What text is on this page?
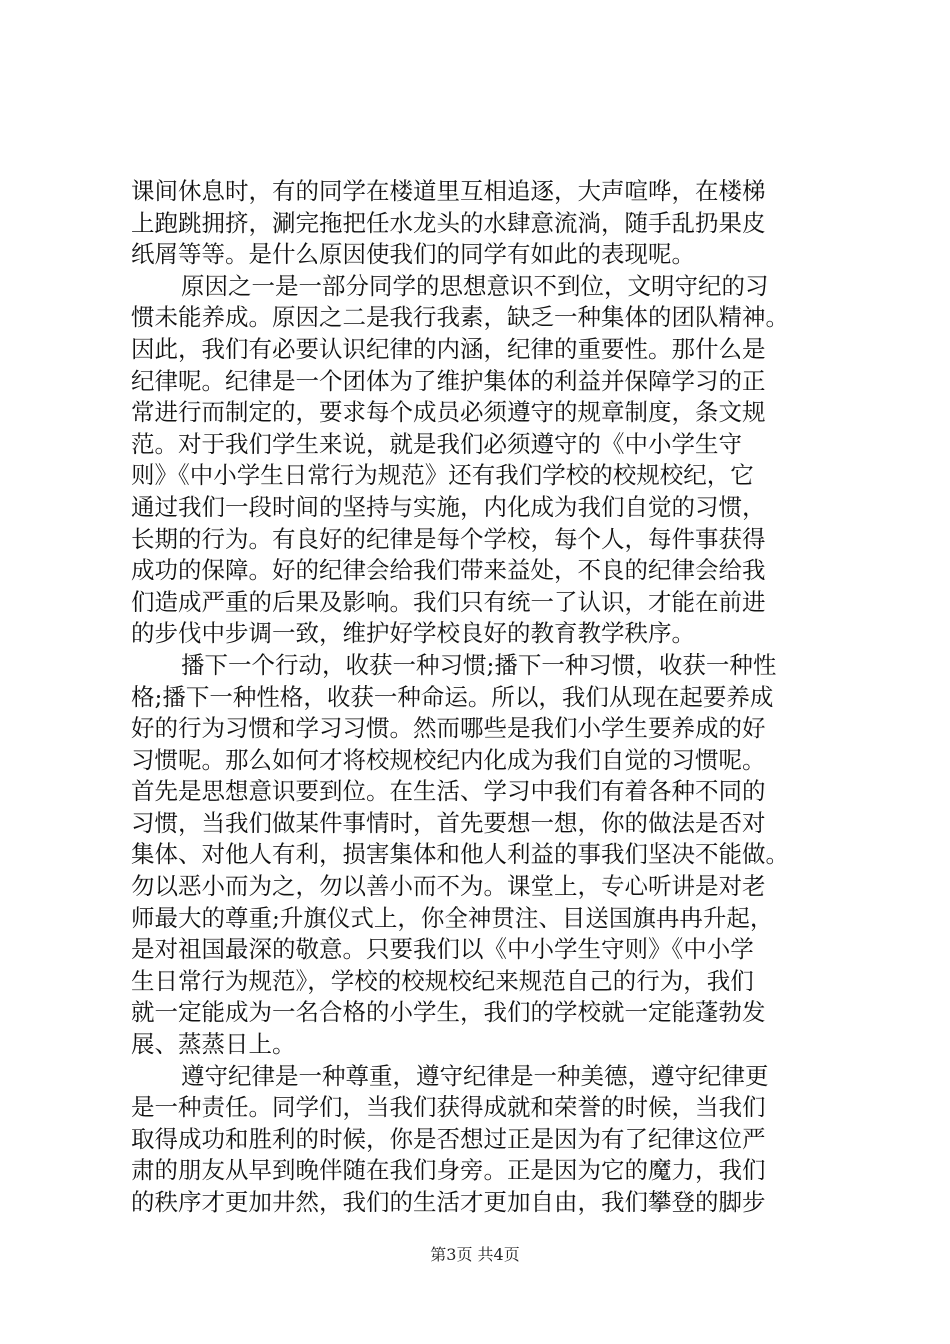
课间休息时，有的同学在楼道里互相追逐，大声喧哗，在楼梯
上跑跳拥挤，涮完拖把任水龙头的水肆意流淌，随手乱扔果皮
纸屑等等。是什么原因使我们的同学有如此的表现呢。
原因之一是一部分同学的思想意识不到位，文明守纪的习
惯未能养成。原因之二是我行我素，缺乏一种集体的团队精神。
因此，我们有必要认识纪律的内涵，纪律的重要性。那什么是
纪律呢。纪律是一个团体为了维护集体的利益并保障学习的正
常进行而制定的，要求每个成员必须遵守的规章制度，条文规
范。对于我们学生来说，就是我们必须遵守的《中小学生守
则》《中小学生日常行为规范》还有我们学校的校规校纪，它
通过我们一段时间的坚持与实施，内化成为我们自觉的习惯，
长期的行为。有良好的纪律是每个学校，每个人，每件事获得
成功的保障。好的纪律会给我们带来益处，不良的纪律会给我
们造成严重的后果及影响。我们只有统一了认识，才能在前进
的步伐中步调一致，维护好学校良好的教育教学秩序。
播下一个行动，收获一种习惯;播下一种习惯，收获一种性
格;播下一种性格，收获一种命运。所以，我们从现在起要养成
好的行为习惯和学习习惯。然而哪些是我们小学生要养成的好
习惯呢。那么如何才将校规校纪内化成为我们自觉的习惯呢。
首先是思想意识要到位。在生活、学习中我们有着各种不同的
习惯，当我们做某件事情时，首先要想一想，你的做法是否对
集体、对他人有利，损害集体和他人利益的事我们坚决不能做。
勿以恶小而为之，勿以善小而不为。课堂上，专心听讲是对老
师最大的尊重;升旗仪式上，你全神贯注、目送国旗冉冉升起，
是对祖国最深的敬意。只要我们以《中小学生守则》《中小学
生日常行为规范》，学校的校规校纪来规范自己的行为，我们
就一定能成为一名合格的小学生，我们的学校就一定能蓬勃发
展、蒸蒸日上。
遵守纪律是一种尊重，遵守纪律是一种美德，遵守纪律更
是一种责任。同学们，当我们获得成就和荣誉的时候，当我们
取得成功和胜利的时候，你是否想过正是因为有了纪律这位严
肃的朋友从早到晚伴随在我们身旁。正是因为它的魔力，我们
的秩序才更加井然，我们的生活才更加自由，我们攀登的脚步
第3页 共4页
